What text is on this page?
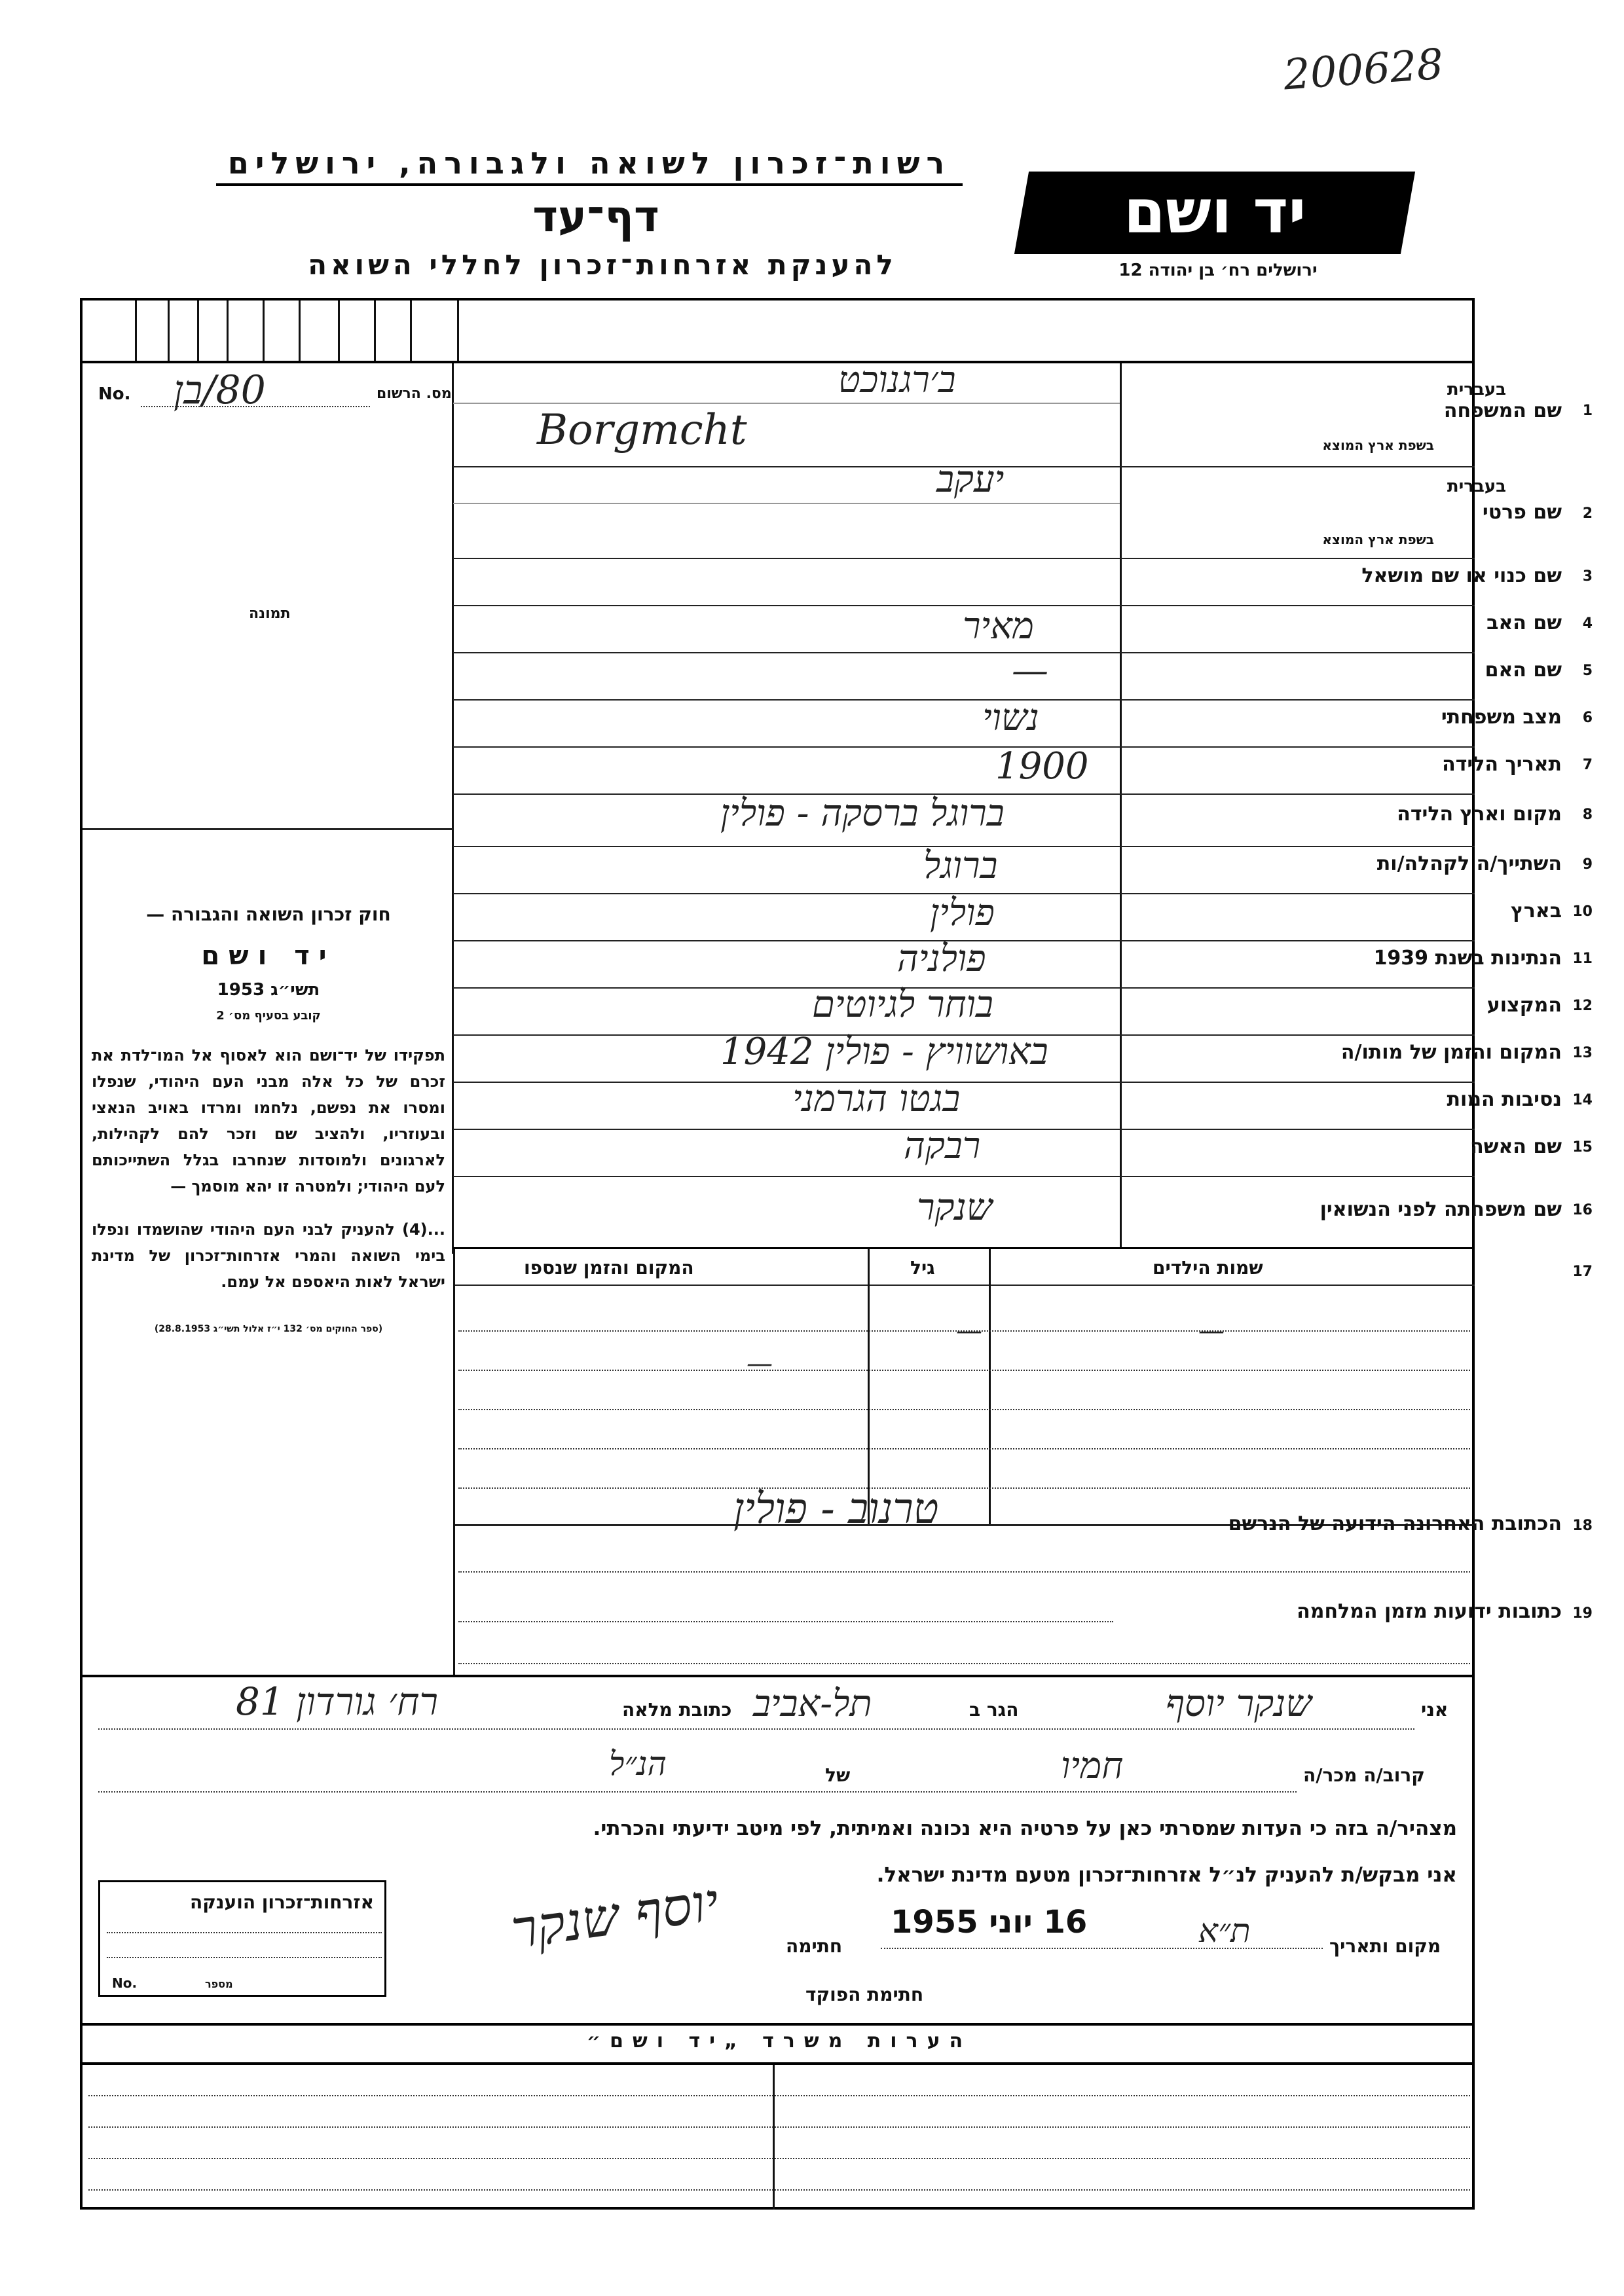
200628
רשות־זכרון לשואה ולגבורה, ירושלים
דף־עד
להענקת אזרחות־זכרון לחללי השואה
יד ושם
ירושלים רח׳ בן יהודה 12
No. 80/בן	מס. הרשום
תמונה
חוק זכרון השואה והגבורה —
יד ושם
תשי״ג 1953
קובע בסעיף מס׳ 2
תפקידו של יד־ושם הוא לאסוף אל המו־לדת את זכרם של כל אלה מבני העם היהודי, שנפלו ומסרו את נפשם, נלחמו ומרדו באויב הנאצי ובעוזריו, ולהציב שם וזכר להם לקהילות, לארגונים ולמוסדות שנחרבו בגלל השתייכותם לעם היהודי; ולמטרה זו יהא מוסמך —
...(4) להעניק לבני העם היהודי שהושמדו ונפלו בימי השואה והמרי אזרחות־זכרון של מדינת ישראל לאות היאספם אל עמם.
(ספר החוקים מס׳ 132 י״ז אלול תשי״ג 28.8.1953)
1
שם המשפחה
בעברית
בשפת ארץ המוצא
ב׳רגנוכט
Borgmcht
2
שם פרטי
בעברית
בשפת ארץ המוצא
יעקב
3
שם כנוי או שם מושאל
4
שם האב
מאיר
5
שם האם
—
6
מצב משפחתי
נשוי
7
תאריך הלידה
1900
8
מקום וארץ הלידה
ברוגל ברסקה - פולין
9
השתייך/ה לקהלה/ות
ברוגל
10
בארץ
פולין
11
הנתינות בשנת 1939
פולניה
12
המקצוע
בוחר לגיוטים
13
המקום והזמן של מותו/ה
באושוויץ - פולין 1942
14
נסיבות המות
בגטו הגרמני
15
שם האשה
רבקה
16
שם משפחתה לפני הנשואין
שנקר
17
שמות הילדים
גיל
המקום והזמן שנספו
—
—
—
18
הכתובת האחרונה הידועה של הנרשם
טרנוב - פולין
19
כתובות ידועות מזמן המלחמה
אני
שנקר יוסף
הגר ב
תל-אביב
כתובת מלאה
רח׳ גורדון 81
קרוב/ה מכר/ה
חמיו
של
הנ״ל
מצהיר/ה בזה כי העדות שמסרתי כאן על פרטיה היא נכונה ואמיתית, לפי מיטב ידיעתי והכרתי.
אני מבקש/ת להעניק לנ״ל אזרחות־זכרון מטעם מדינת ישראל.
מקום ותאריך
ת״א
16 יוני 1955
חתימה
יוסף שנקר
חתימת הפוקד
אזרחות־זכרון הוענקה
No.	מספר
הערות משרד „יד ושם״
